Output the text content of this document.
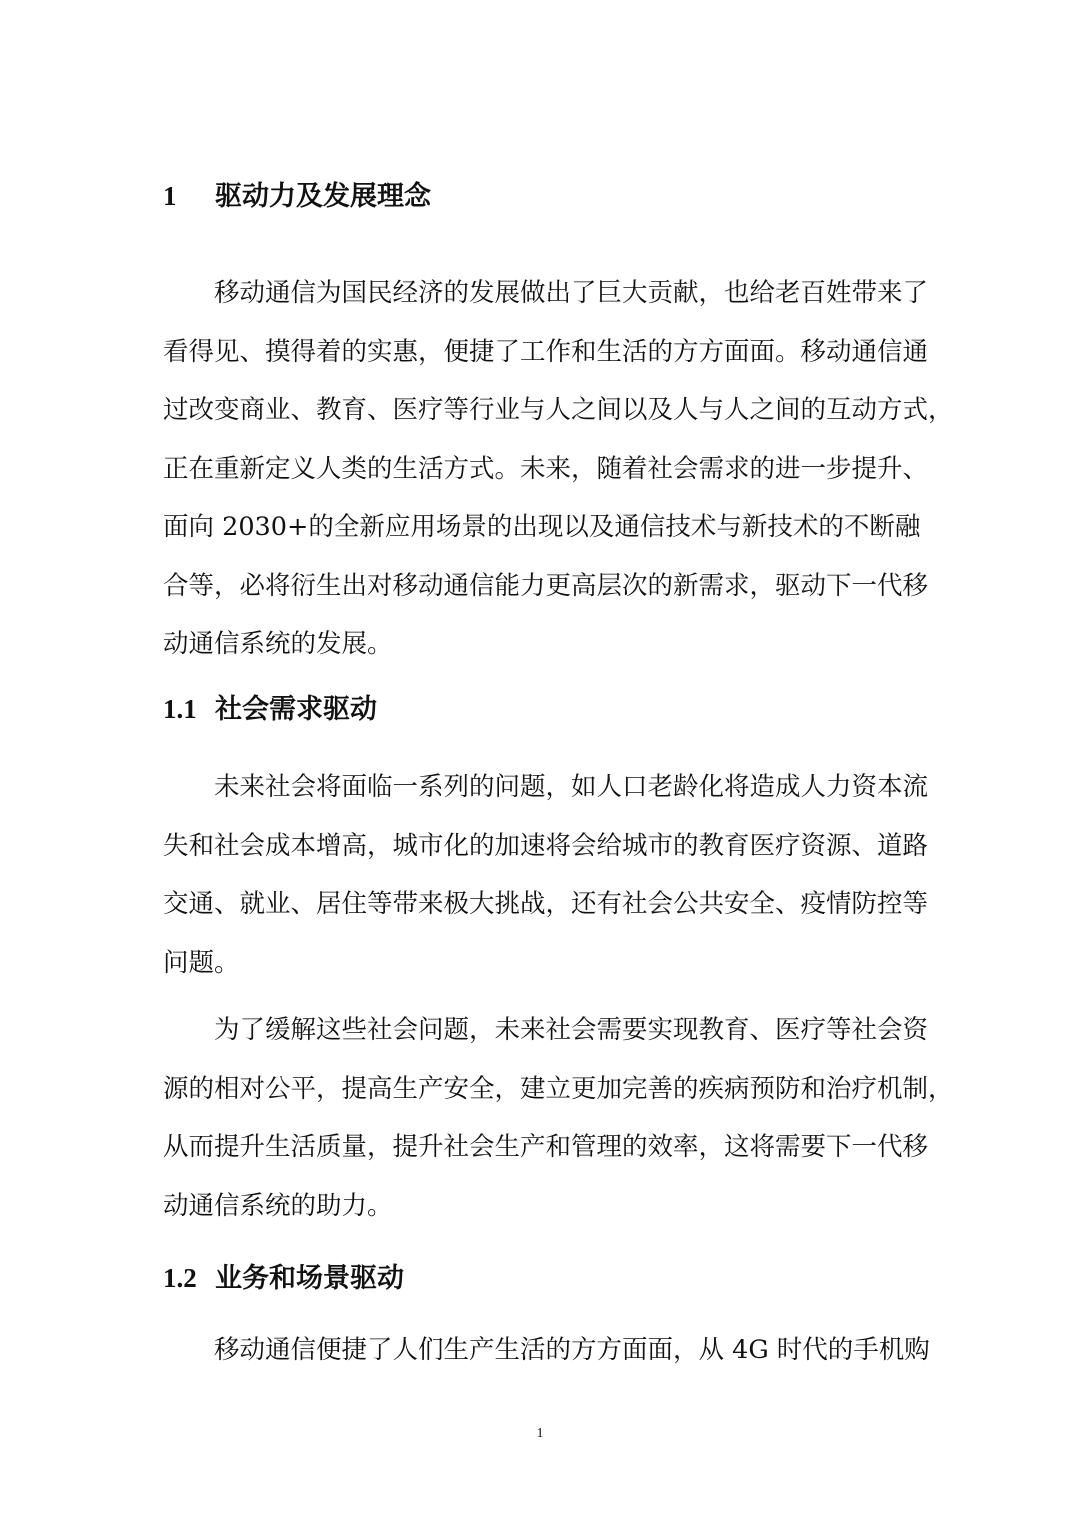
1 驱动力及发展理念
移动通信为国民经济的发展做出了巨大贡献，也给老百姓带来了
看得见、摸得着的实惠，便捷了工作和生活的方方面面。移动通信通
过改变商业、教育、医疗等行业与人之间以及人与人之间的互动方式，
正在重新定义人类的生活方式。未来，随着社会需求的进一步提升、
面向 2030+的全新应用场景的出现以及通信技术与新技术的不断融
合等，必将衍生出对移动通信能力更高层次的新需求，驱动下一代移
动通信系统的发展。
1.1 社会需求驱动
未来社会将面临一系列的问题，如人口老龄化将造成人力资本流
失和社会成本增高，城市化的加速将会给城市的教育医疗资源、道路
交通、就业、居住等带来极大挑战，还有社会公共安全、疫情防控等
问题。
为了缓解这些社会问题，未来社会需要实现教育、医疗等社会资
源的相对公平，提高生产安全，建立更加完善的疾病预防和治疗机制，
从而提升生活质量，提升社会生产和管理的效率，这将需要下一代移
动通信系统的助力。
1.2 业务和场景驱动
移动通信便捷了人们生产生活的方方面面，从 4G 时代的手机购
1
